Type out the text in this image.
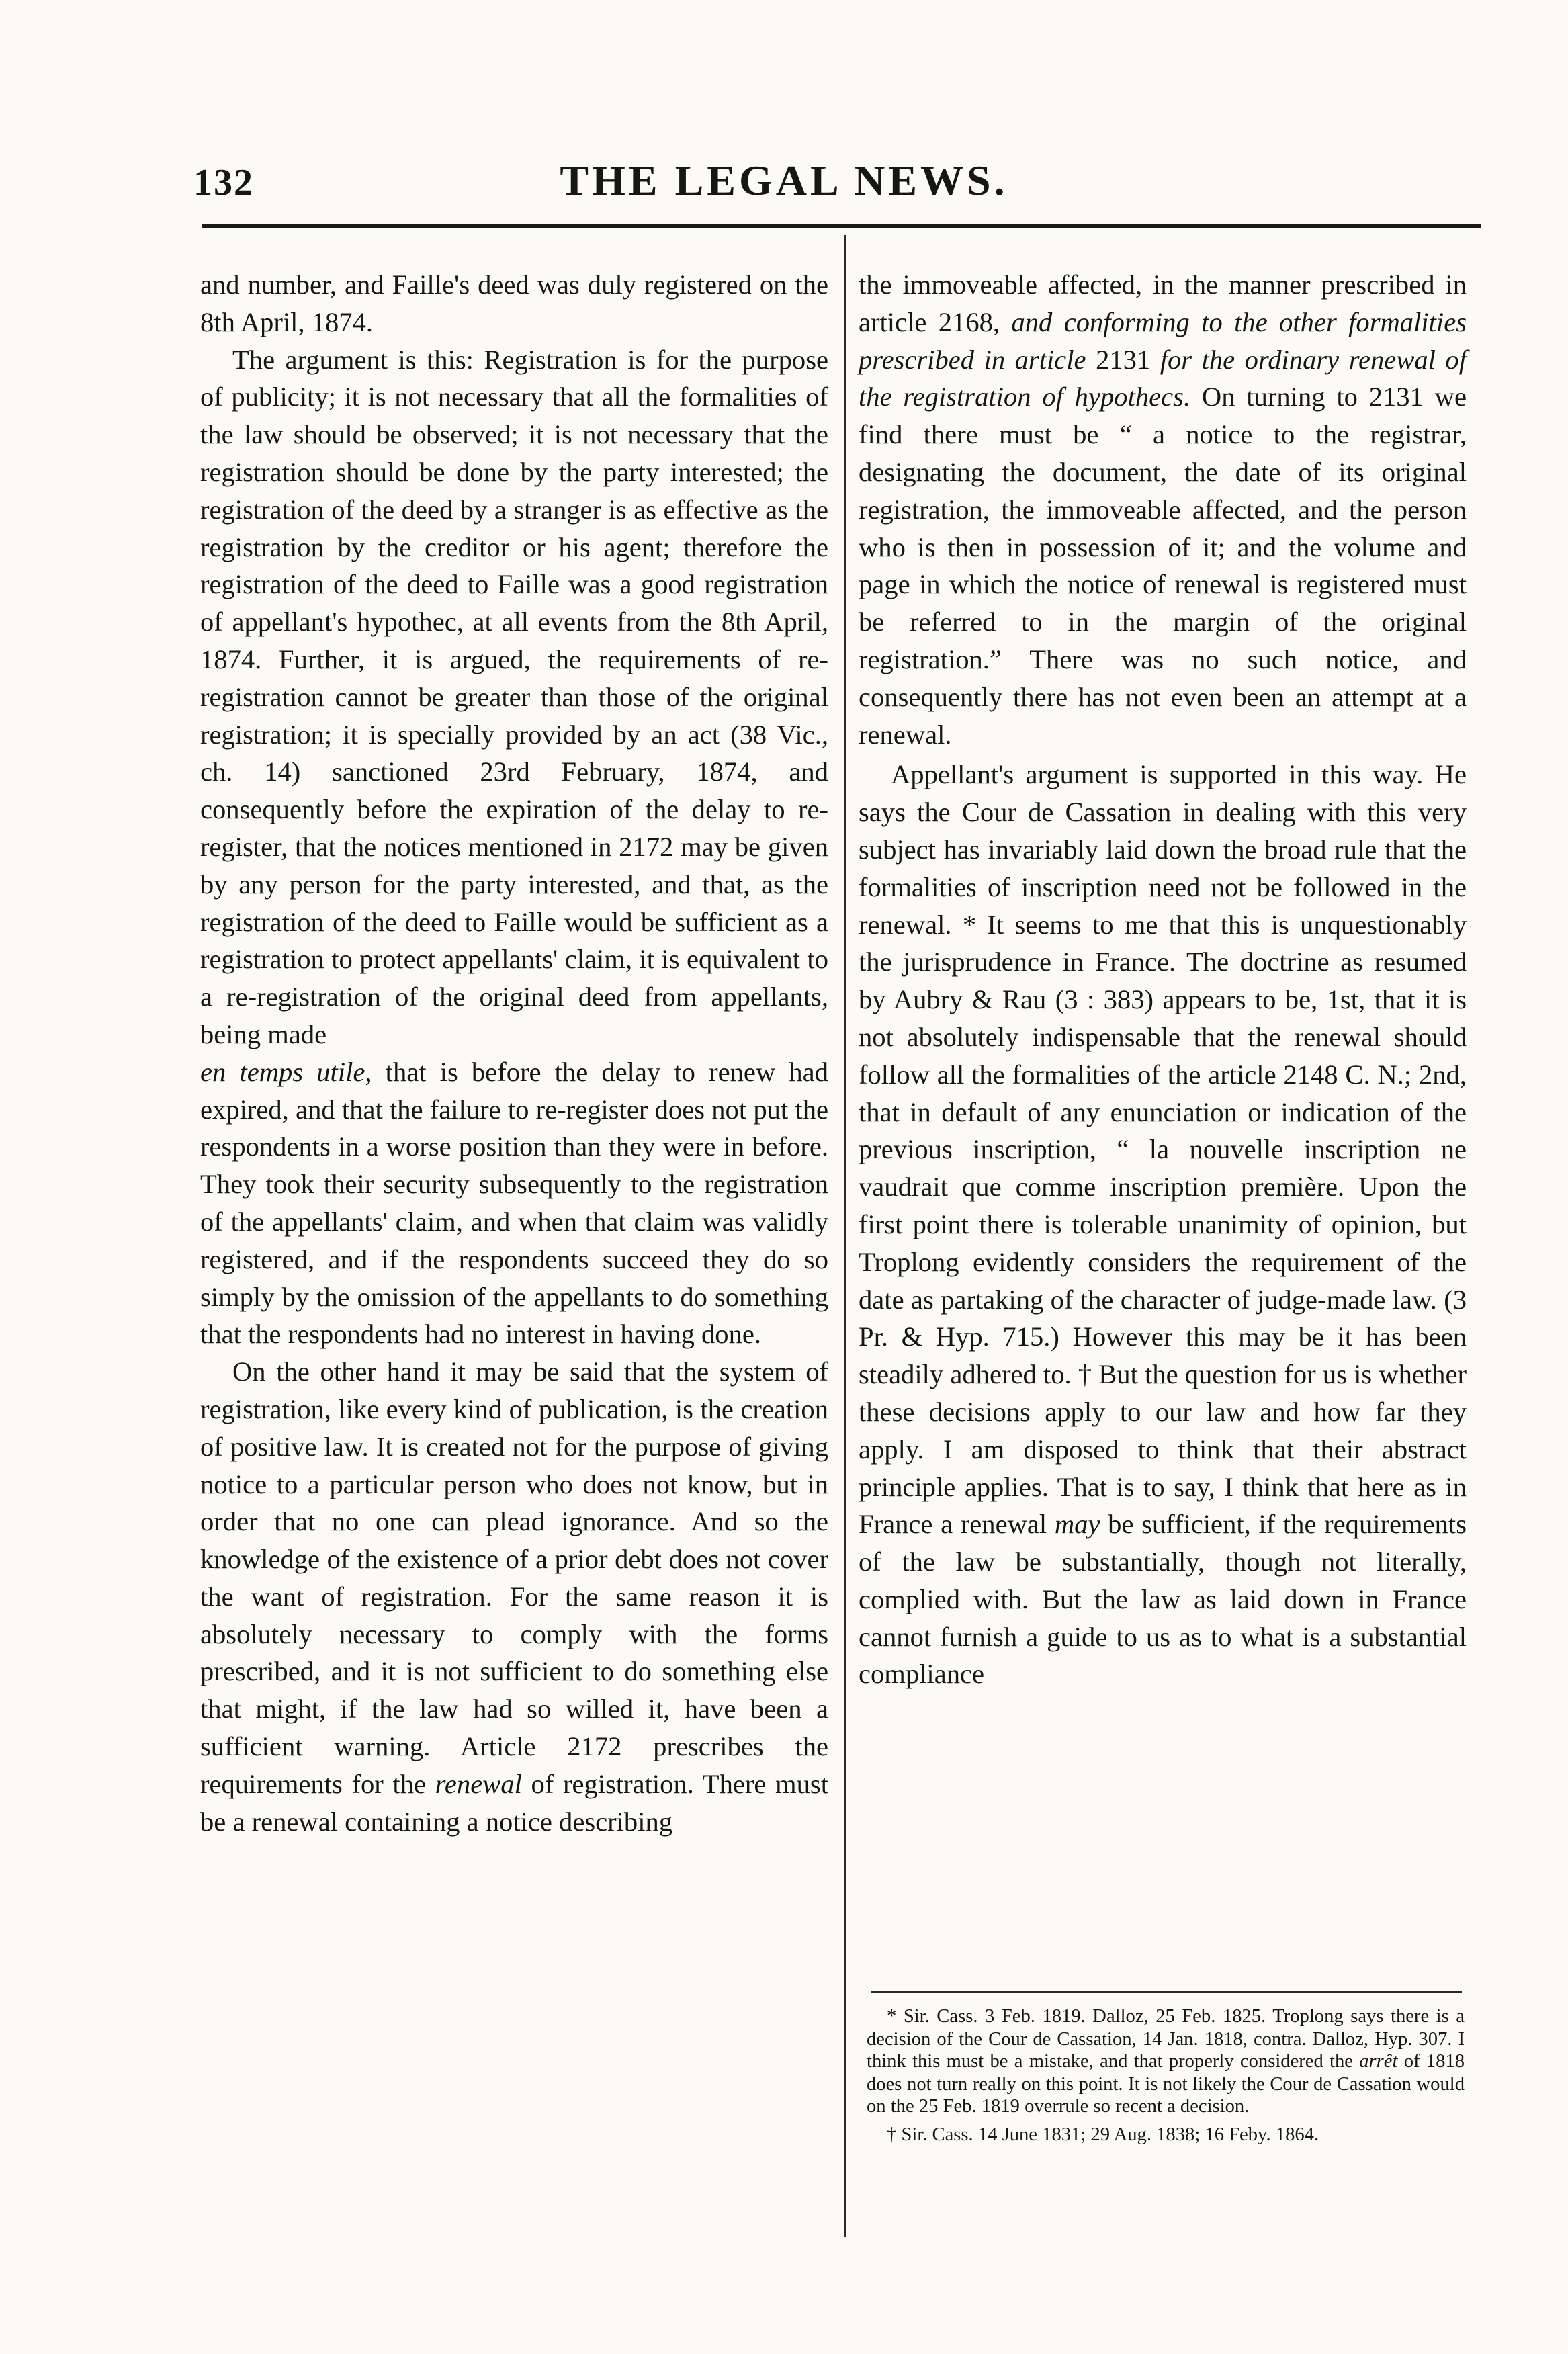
132	THE LEGAL NEWS.

and number, and Faille's deed was duly registered on the 8th April, 1874.

The argument is this: Registration is for the purpose of publicity; it is not necessary that all the formalities of the law should be observed; it is not necessary that the registration should be done by the party interested; the registration of the deed by a stranger is as effective as the registration by the creditor or his agent; therefore the registration of the deed to Faille was a good registration of appellant's hypothec, at all events from the 8th April, 1874. Further, it is argued, the requirements of re-registration cannot be greater than those of the original registration; it is specially provided by an act (38 Vic., ch. 14) sanctioned 23rd February, 1874, and consequently before the expiration of the delay to re-register, that the notices mentioned in 2172 may be given by any person for the party interested, and that, as the registration of the deed to Faille would be sufficient as a registration to protect appellants' claim, it is equivalent to a re-registration of the original deed from appellants, being made

en temps utile, that is before the delay to renew had expired, and that the failure to re-register does not put the respondents in a worse position than they were in before. They took their security subsequently to the registration of the appellants' claim, and when that claim was validly registered, and if the respondents succeed they do so simply by the omission of the appellants to do something that the respondents had no interest in having done.

On the other hand it may be said that the system of registration, like every kind of publication, is the creation of positive law. It is created not for the purpose of giving notice to a particular person who does not know, but in order that no one can plead ignorance. And so the knowledge of the existence of a prior debt does not cover the want of registration. For the same reason it is absolutely necessary to comply with the forms prescribed, and it is not sufficient to do something else that might, if the law had so willed it, have been a sufficient warning. Article 2172 prescribes the requirements for the renewal of registration. There must be a renewal containing a notice describing

the immoveable affected, in the manner prescribed in article 2168, and conforming to the other formalities prescribed in article 2131 for the ordinary renewal of the registration of hypothecs. On turning to 2131 we find there must be “ a notice to the registrar, designating the document, the date of its original registration, the immoveable affected, and the person who is then in possession of it; and the volume and page in which the notice of renewal is registered must be referred to in the margin of the original registration.” There was no such notice, and consequently there has not even been an attempt at a renewal.

Appellant's argument is supported in this way. He says the Cour de Cassation in dealing with this very subject has invariably laid down the broad rule that the formalities of inscription need not be followed in the renewal. * It seems to me that this is unquestionably the jurisprudence in France. The doctrine as resumed by Aubry & Rau (3 : 383) appears to be, 1st, that it is not absolutely indispensable that the renewal should follow all the formalities of the article 2148 C. N.; 2nd, that in default of any enunciation or indication of the previous inscription, “ la nouvelle inscription ne vaudrait que comme inscription première. Upon the first point there is tolerable unanimity of opinion, but Troplong evidently considers the requirement of the date as partaking of the character of judge-made law. (3 Pr. & Hyp. 715.) However this may be it has been steadily adhered to. † But the question for us is whether these decisions apply to our law and how far they apply. I am disposed to think that their abstract principle applies. That is to say, I think that here as in France a renewal may be sufficient, if the requirements of the law be substantially, though not literally, complied with. But the law as laid down in France cannot furnish a guide to us as to what is a substantial compliance

* Sir. Cass. 3 Feb. 1819. Dalloz, 25 Feb. 1825. Troplong says there is a decision of the Cour de Cassation, 14 Jan. 1818, contra. Dalloz, Hyp. 307. I think this must be a mistake, and that properly considered the arrêt of 1818 does not turn really on this point. It is not likely the Cour de Cassation would on the 25 Feb. 1819 overrule so recent a decision.

† Sir. Cass. 14 June 1831; 29 Aug. 1838; 16 Feby. 1864.
